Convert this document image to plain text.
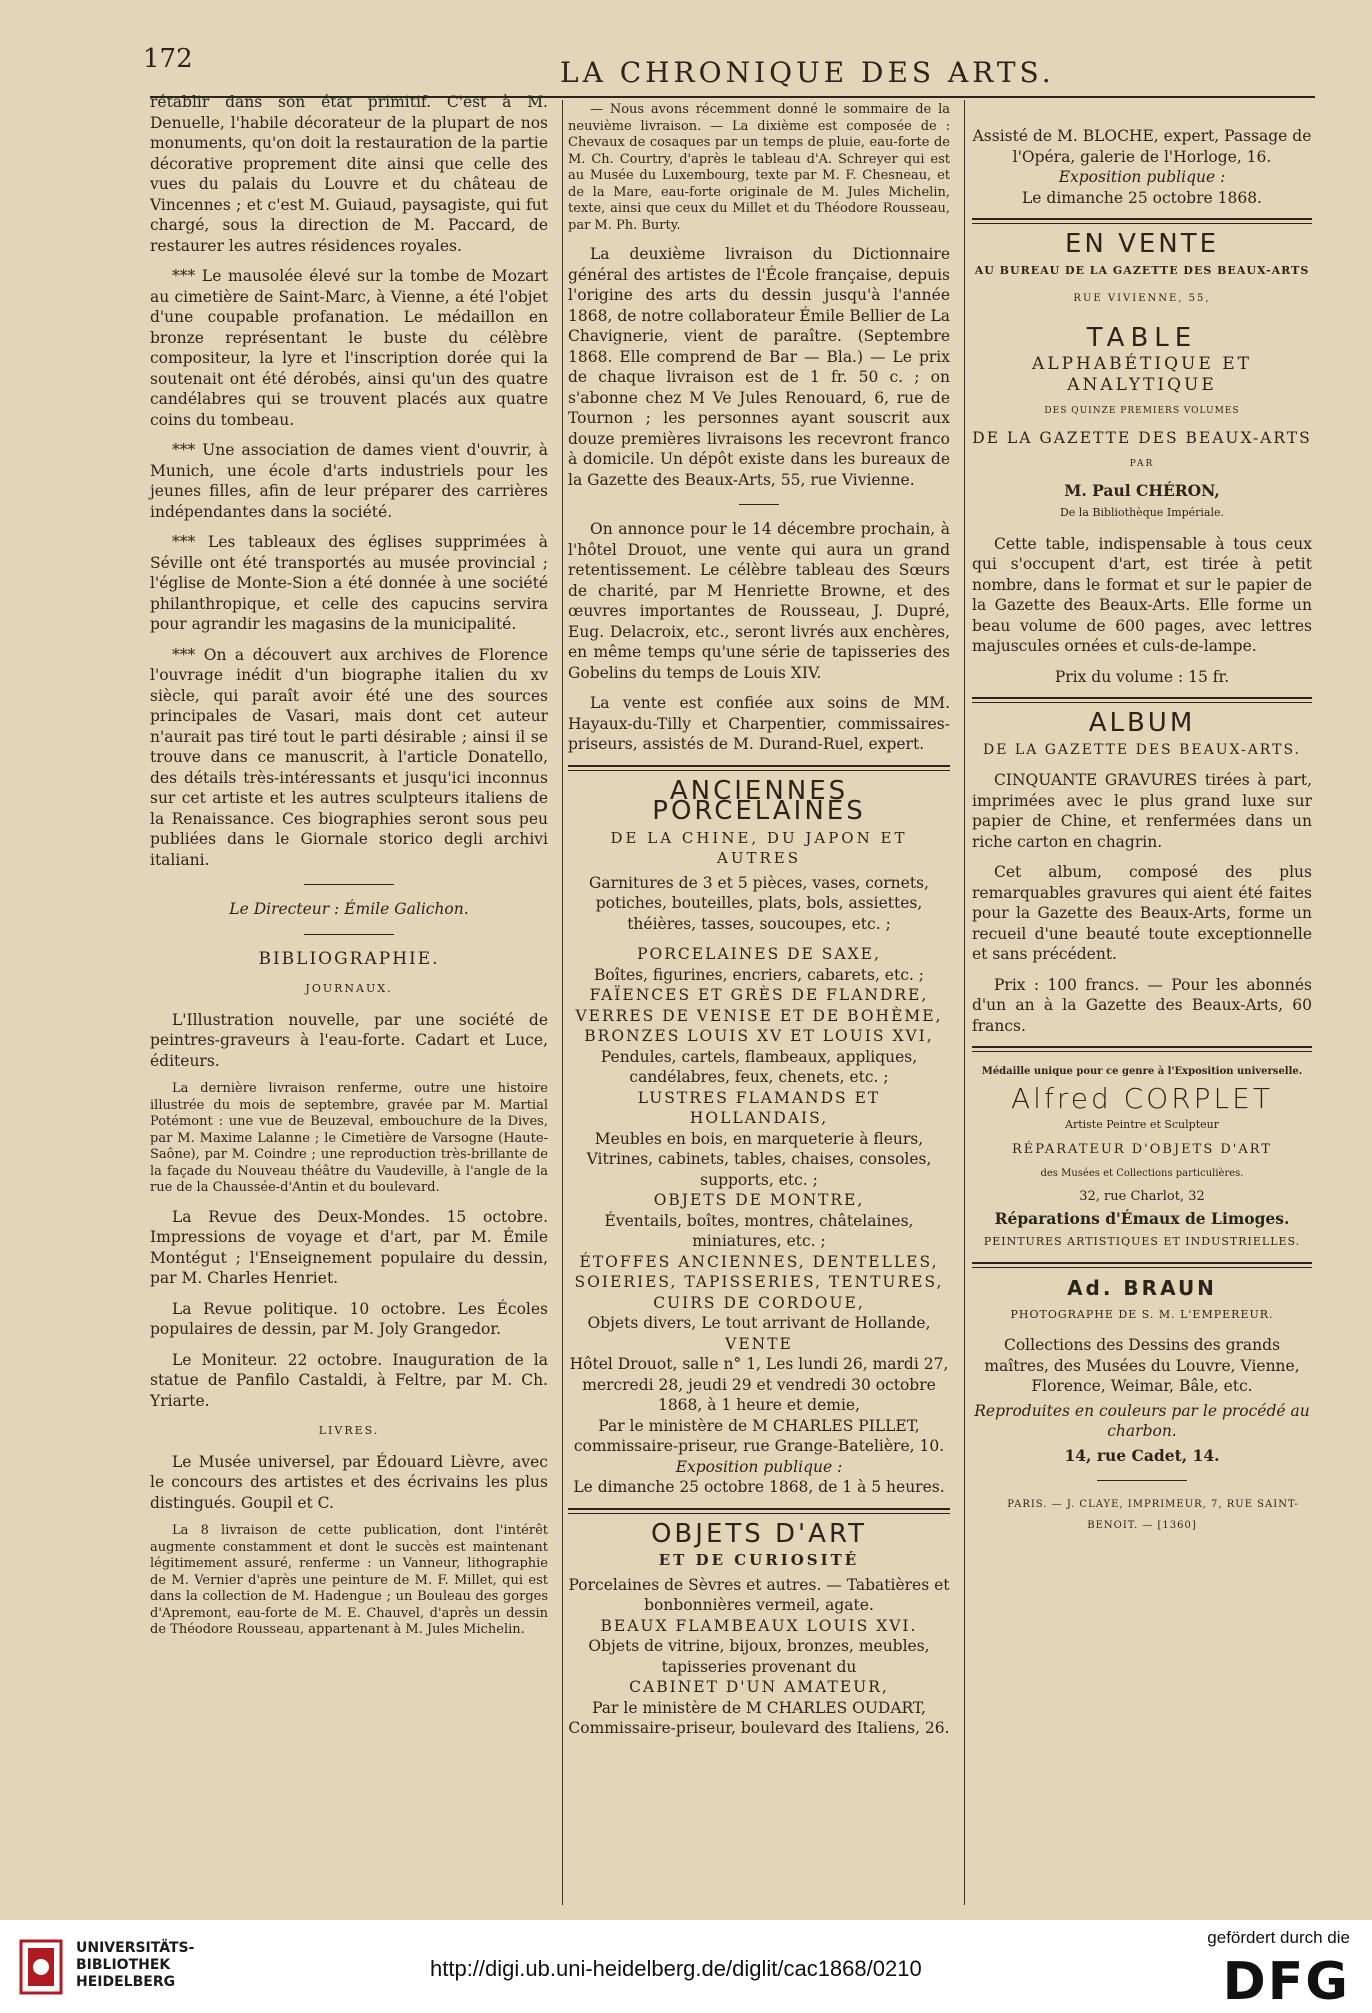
172	LA CHRONIQUE DES ARTS.

rétablir dans son état primitif. C'est à M. Denuelle, l'habile décorateur de la plupart de nos monuments, qu'on doit la restauration de la partie décorative proprement dite ainsi que celle des vues du palais du Louvre et du château de Vincennes ; et c'est M. Guiaud, paysagiste, qui fut chargé, sous la direction de M. Paccard, de restaurer les autres résidences royales.

*** Le mausolée élevé sur la tombe de Mozart au cimetière de Saint-Marc, à Vienne, a été l'objet d'une coupable profanation. Le médaillon en bronze représentant le buste du célèbre compositeur, la lyre et l'inscription dorée qui la soutenait ont été dérobés, ainsi qu'un des quatre candélabres qui se trouvent placés aux quatre coins du tombeau.

*** Une association de dames vient d'ouvrir, à Munich, une école d'arts industriels pour les jeunes filles, afin de leur préparer des carrières indépendantes dans la société.

*** Les tableaux des églises supprimées à Séville ont été transportés au musée provincial ; l'église de Monte-Sion a été donnée à une société philanthropique, et celle des capucins servira pour agrandir les magasins de la municipalité.

*** On a découvert aux archives de Florence l'ouvrage inédit d'un biographe italien du xv siècle, qui paraît avoir été une des sources principales de Vasari, mais dont cet auteur n'aurait pas tiré tout le parti désirable ; ainsi il se trouve dans ce manuscrit, à l'article Donatello, des détails très-intéressants et jusqu'ici inconnus sur cet artiste et les autres sculpteurs italiens de la Renaissance. Ces biographies seront sous peu publiées dans le Giornale storico degli archivi italiani.

Le Directeur : Émile Galichon.

BIBLIOGRAPHIE.

JOURNAUX.

L'Illustration nouvelle, par une société de peintres-graveurs à l'eau-forte. Cadart et Luce, éditeurs.

La dernière livraison renferme, outre une histoire illustrée du mois de septembre, gravée par M. Martial Potémont : une vue de Beuzeval, embouchure de la Dives, par M. Maxime Lalanne ; le Cimetière de Varsogne (Haute-Saône), par M. Coindre ; une reproduction très-brillante de la façade du Nouveau théâtre du Vaudeville, à l'angle de la rue de la Chaussée-d'Antin et du boulevard.

La Revue des Deux-Mondes. 15 octobre. Impressions de voyage et d'art, par M. Émile Montégut ; l'Enseignement populaire du dessin, par M. Charles Henriet.

La Revue politique. 10 octobre. Les Écoles populaires de dessin, par M. Joly Grangedor.

Le Moniteur. 22 octobre. Inauguration de la statue de Panfilo Castaldi, à Feltre, par M. Ch. Yriarte.

LIVRES.

Le Musée universel, par Édouard Lièvre, avec le concours des artistes et des écrivains les plus distingués. Goupil et C.

La 8 livraison de cette publication, dont l'intérêt augmente constamment et dont le succès est maintenant légitimement assuré, renferme : un Vanneur, lithographie de M. Vernier d'après une peinture de M. F. Millet, qui est dans la collection de M. Hadengue ; un Bouleau des gorges d'Apremont, eau-forte de M. E. Chauvel, d'après un dessin de Théodore Rousseau, appartenant à M. Jules Michelin.

— Nous avons récemment donné le sommaire de la neuvième livraison. — La dixième est composée de : Chevaux de cosaques par un temps de pluie, eau-forte de M. Ch. Courtry, d'après le tableau d'A. Schreyer qui est au Musée du Luxembourg, texte par M. F. Chesneau, et de la Mare, eau-forte originale de M. Jules Michelin, texte, ainsi que ceux du Millet et du Théodore Rousseau, par M. Ph. Burty.

La deuxième livraison du Dictionnaire général des artistes de l'École française, depuis l'origine des arts du dessin jusqu'à l'année 1868, de notre collaborateur Émile Bellier de La Chavignerie, vient de paraître. (Septembre 1868. Elle comprend de Bar — Bla.) — Le prix de chaque livraison est de 1 fr. 50 c. ; on s'abonne chez M Ve Jules Renouard, 6, rue de Tournon ; les personnes ayant souscrit aux douze premières livraisons les recevront franco à domicile. Un dépôt existe dans les bureaux de la Gazette des Beaux-Arts, 55, rue Vivienne.

On annonce pour le 14 décembre prochain, à l'hôtel Drouot, une vente qui aura un grand retentissement. Le célèbre tableau des Sœurs de charité, par M Henriette Browne, et des œuvres importantes de Rousseau, J. Dupré, Eug. Delacroix, etc., seront livrés aux enchères, en même temps qu'une série de tapisseries des Gobelins du temps de Louis XIV.

La vente est confiée aux soins de MM. Hayaux-du-Tilly et Charpentier, commissaires-priseurs, assistés de M. Durand-Ruel, expert.

ANCIENNES PORCELAINES
DE LA CHINE, DU JAPON ET AUTRES

Garnitures de 3 et 5 pièces, vases, cornets, potiches, bouteilles, plats, bols, assiettes, théières, tasses, soucoupes, etc. ;

PORCELAINES DE SAXE,

Boîtes, figurines, encriers, cabarets, etc. ;

FAÏENCES ET GRÈS DE FLANDRE, VERRES DE VENISE ET DE BOHÈME, BRONZES LOUIS XV ET LOUIS XVI,

Pendules, cartels, flambeaux, appliques, candélabres, feux, chenets, etc. ;

LUSTRES FLAMANDS ET HOLLANDAIS,

Meubles en bois, en marqueterie à fleurs, Vitrines, cabinets, tables, chaises, consoles, supports, etc. ;

OBJETS DE MONTRE,

Éventails, boîtes, montres, châtelaines, miniatures, etc. ;

ÉTOFFES ANCIENNES, DENTELLES, SOIERIES, TAPISSERIES, TENTURES, CUIRS DE CORDOUE,

Objets divers, Le tout arrivant de Hollande,

VENTE

Hôtel Drouot, salle n° 1, Les lundi 26, mardi 27, mercredi 28, jeudi 29 et vendredi 30 octobre 1868, à 1 heure et demie,

Par le ministère de M CHARLES PILLET, commissaire-priseur, rue Grange-Batelière, 10.

Exposition publique :

Le dimanche 25 octobre 1868, de 1 à 5 heures.

OBJETS D'ART
ET DE CURIOSITÉ

Porcelaines de Sèvres et autres. — Tabatières et bonbonnières vermeil, agate.

BEAUX FLAMBEAUX LOUIS XVI.

Objets de vitrine, bijoux, bronzes, meubles, tapisseries provenant du

CABINET D'UN AMATEUR,

Par le ministère de M CHARLES OUDART, Commissaire-priseur, boulevard des Italiens, 26.

Assisté de M. BLOCHE, expert, Passage de l'Opéra, galerie de l'Horloge, 16.

Exposition publique :

Le dimanche 25 octobre 1868.

EN VENTE
AU BUREAU DE LA GAZETTE DES BEAUX-ARTS

RUE VIVIENNE, 55,

TABLE
ALPHABÉTIQUE ET ANALYTIQUE

DES QUINZE PREMIERS VOLUMES

DE LA GAZETTE DES BEAUX-ARTS

PAR

M. Paul CHÉRON,

De la Bibliothèque Impériale.

Cette table, indispensable à tous ceux qui s'occupent d'art, est tirée à petit nombre, dans le format et sur le papier de la Gazette des Beaux-Arts. Elle forme un beau volume de 600 pages, avec lettres majuscules ornées et culs-de-lampe.

Prix du volume : 15 fr.

ALBUM

DE LA GAZETTE DES BEAUX-ARTS.

CINQUANTE GRAVURES tirées à part, imprimées avec le plus grand luxe sur papier de Chine, et renfermées dans un riche carton en chagrin.

Cet album, composé des plus remarquables gravures qui aient été faites pour la Gazette des Beaux-Arts, forme un recueil d'une beauté toute exceptionnelle et sans précédent.

Prix : 100 francs. — Pour les abonnés d'un an à la Gazette des Beaux-Arts, 60 francs.

Médaille unique pour ce genre à l'Exposition universelle.

Alfred CORPLET

Artiste Peintre et Sculpteur

RÉPARATEUR D'OBJETS D'ART

des Musées et Collections particulières.

32, rue Charlot, 32

Réparations d'Émaux de Limoges.

PEINTURES ARTISTIQUES ET INDUSTRIELLES.

Ad. BRAUN

PHOTOGRAPHE DE S. M. L'EMPEREUR.

Collections des Dessins des grands maîtres, des Musées du Louvre, Vienne, Florence, Weimar, Bâle, etc.

Reproduites en couleurs par le procédé au charbon.

14, rue Cadet, 14.

PARIS. — J. CLAYE, IMPRIMEUR, 7, RUE SAINT-BENOIT. — [1360]

UNIVERSITÄTS-
BIBLIOTHEK
HEIDELBERG
http://digi.ub.uni-heidelberg.de/diglit/cac1868/0210
gefördert durch die
DFG
